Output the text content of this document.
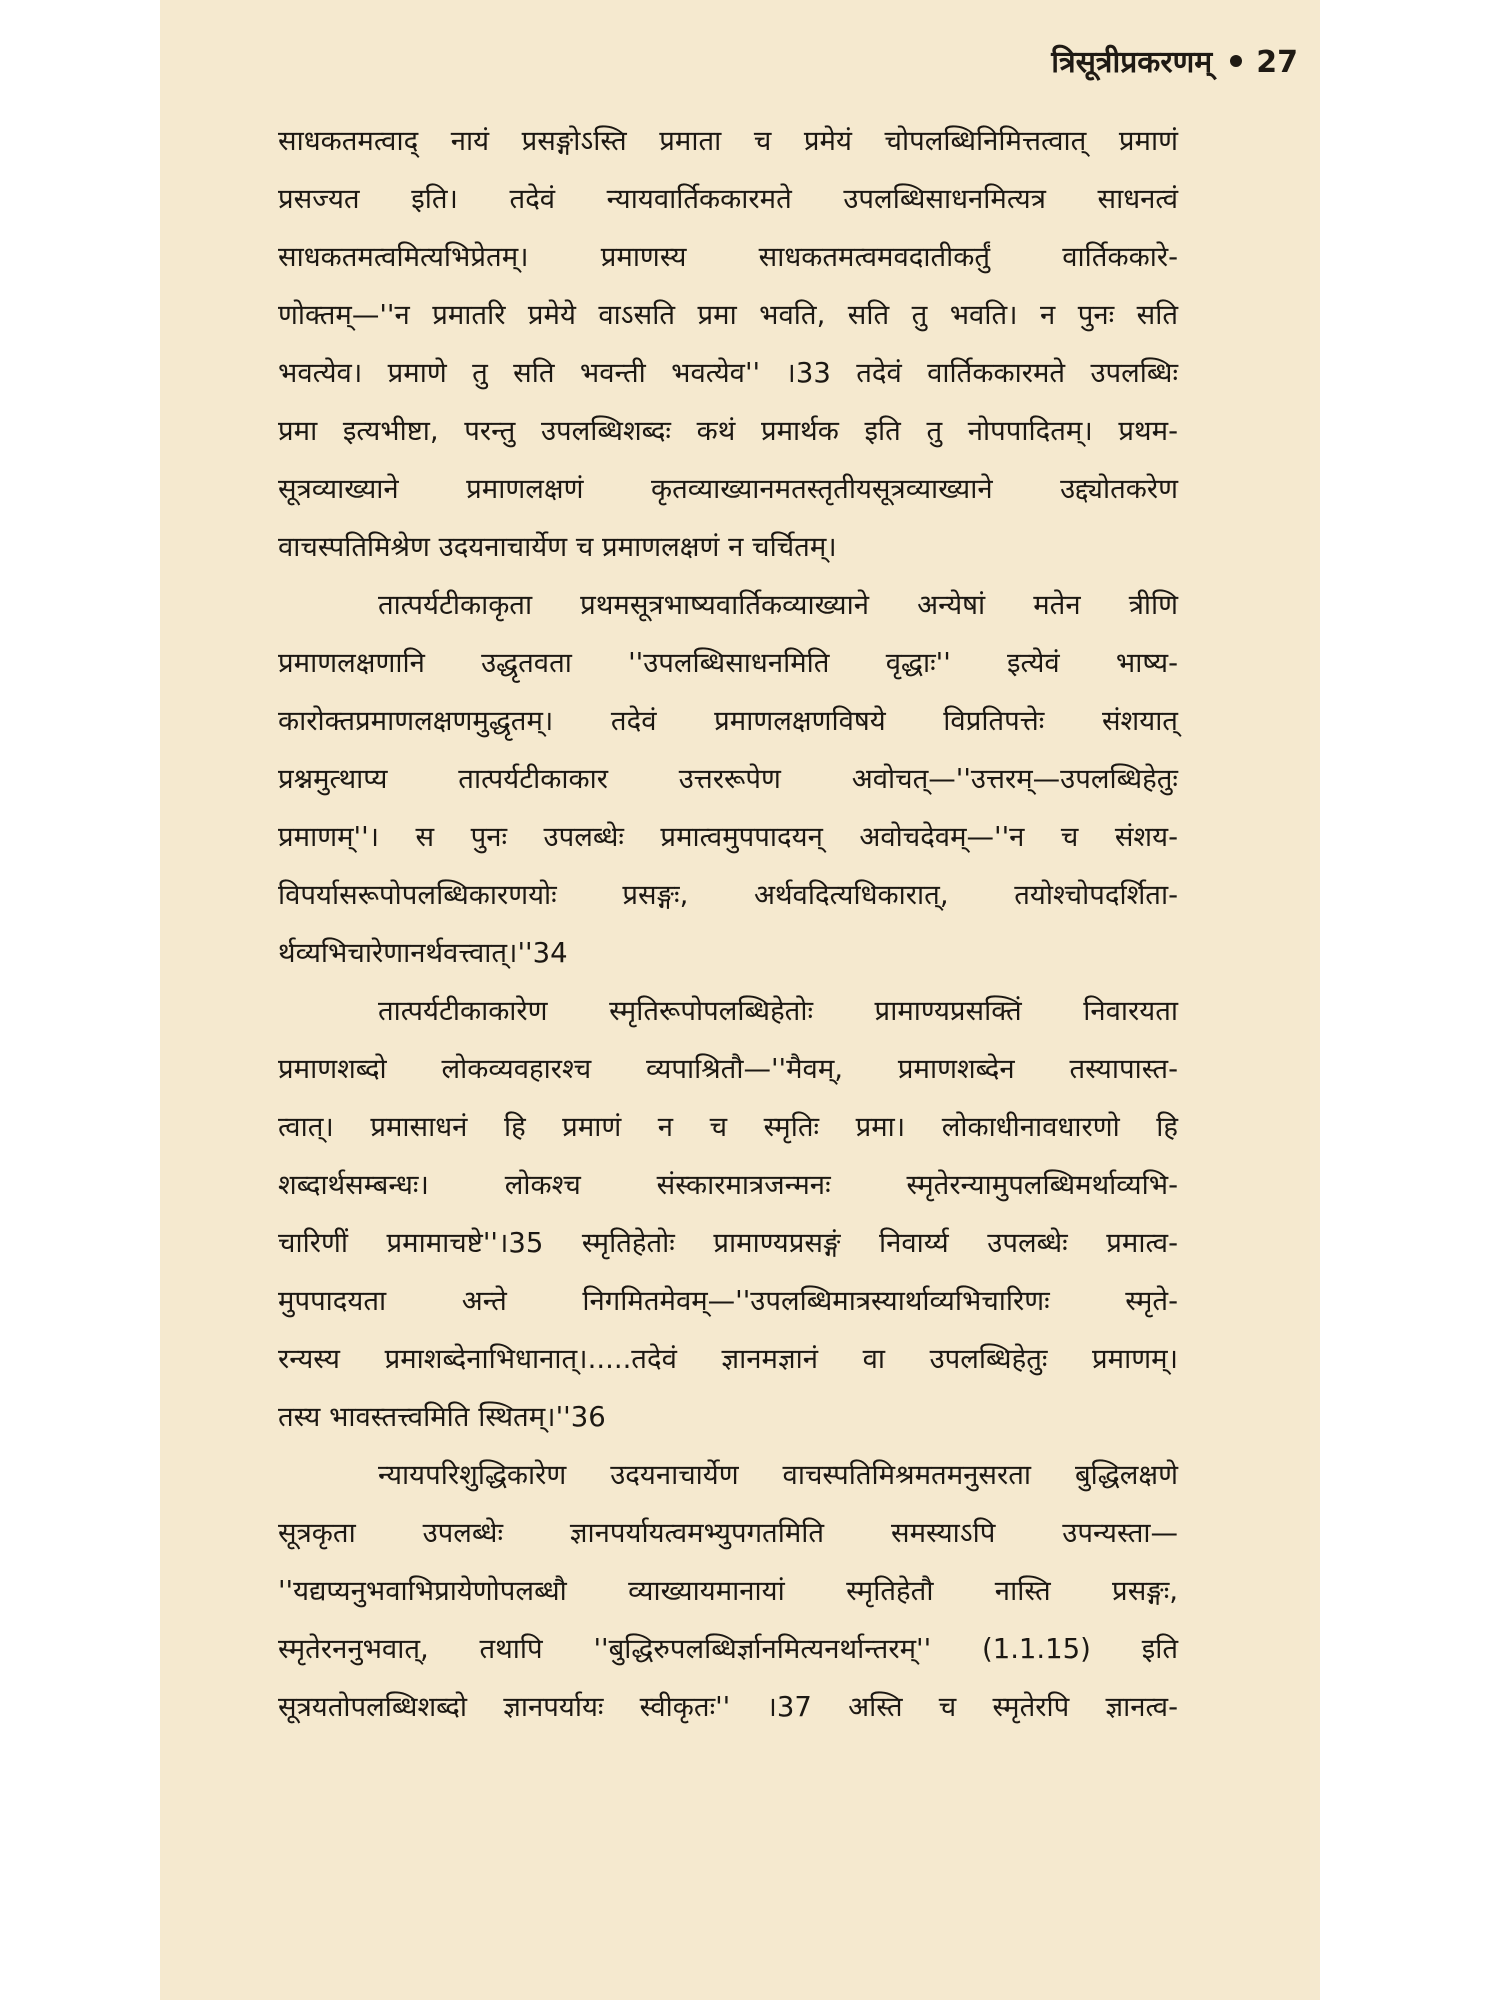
त्रिसूत्रीप्रकरणम् 27
साधकतमत्वाद् नायं प्रसङ्गोऽस्ति प्रमाता च प्रमेयं चोपलब्धिनिमित्तत्वात् प्रमाणं
प्रसज्यत इति। तदेवं न्यायवार्तिककारमते उपलब्धिसाधनमित्यत्र साधनत्वं
साधकतमत्वमित्यभिप्रेतम्। प्रमाणस्य साधकतमत्वमवदातीकर्तुं वार्तिककारे-
णोक्तम्—''न प्रमातरि प्रमेये वाऽसति प्रमा भवति, सति तु भवति। न पुनः सति
भवत्येव। प्रमाणे तु सति भवन्ती भवत्येव'' ।33 तदेवं वार्तिककारमते उपलब्धिः
प्रमा इत्यभीष्टा, परन्तु उपलब्धिशब्दः कथं प्रमार्थक इति तु नोपपादितम्। प्रथम-
सूत्रव्याख्याने प्रमाणलक्षणं कृतव्याख्यानमतस्तृतीयसूत्रव्याख्याने उद्द्योतकरेण
वाचस्पतिमिश्रेण उदयनाचार्येण च प्रमाणलक्षणं न चर्चितम्।
तात्पर्यटीकाकृता प्रथमसूत्रभाष्यवार्तिकव्याख्याने अन्येषां मतेन त्रीणि
प्रमाणलक्षणानि उद्धृतवता ''उपलब्धिसाधनमिति वृद्धाः'' इत्येवं भाष्य-
कारोक्तप्रमाणलक्षणमुद्धृतम्। तदेवं प्रमाणलक्षणविषये विप्रतिपत्तेः संशयात्
प्रश्नमुत्थाप्य तात्पर्यटीकाकार उत्तररूपेण अवोचत्—''उत्तरम्—उपलब्धिहेतुः
प्रमाणम्''। स पुनः उपलब्धेः प्रमात्वमुपपादयन् अवोचदेवम्—''न च संशय-
विपर्यासरूपोपलब्धिकारणयोः प्रसङ्गः, अर्थवदित्यधिकारात्, तयोश्चोपदर्शिता-
र्थव्यभिचारेणानर्थवत्त्वात्।''34
तात्पर्यटीकाकारेण स्मृतिरूपोपलब्धिहेतोः प्रामाण्यप्रसक्तिं निवारयता
प्रमाणशब्दो लोकव्यवहारश्च व्यपाश्रितौ—''मैवम्, प्रमाणशब्देन तस्यापास्त-
त्वात्। प्रमासाधनं हि प्रमाणं न च स्मृतिः प्रमा। लोकाधीनावधारणो हि
शब्दार्थसम्बन्धः। लोकश्च संस्कारमात्रजन्मनः स्मृतेरन्यामुपलब्धिमर्थाव्यभि-
चारिणीं प्रमामाचष्टे''।35 स्मृतिहेतोः प्रामाण्यप्रसङ्गं निवार्य्य उपलब्धेः प्रमात्व-
मुपपादयता अन्ते निगमितमेवम्—''उपलब्धिमात्रस्यार्थाव्यभिचारिणः स्मृते-
रन्यस्य प्रमाशब्देनाभिधानात्।.....तदेवं ज्ञानमज्ञानं वा उपलब्धिहेतुः प्रमाणम्।
तस्य भावस्तत्त्वमिति स्थितम्।''36
न्यायपरिशुद्धिकारेण उदयनाचार्येण वाचस्पतिमिश्रमतमनुसरता बुद्धिलक्षणे
सूत्रकृता उपलब्धेः ज्ञानपर्यायत्वमभ्युपगतमिति समस्याऽपि उपन्यस्ता—
''यद्यप्यनुभवाभिप्रायेणोपलब्धौ व्याख्यायमानायां स्मृतिहेतौ नास्ति प्रसङ्गः,
स्मृतेरननुभवात्, तथापि ''बुद्धिरुपलब्धिर्ज्ञानमित्यनर्थान्तरम्'' (1.1.15) इति
सूत्रयतोपलब्धिशब्दो ज्ञानपर्यायः स्वीकृतः'' ।37 अस्ति च स्मृतेरपि ज्ञानत्व-
